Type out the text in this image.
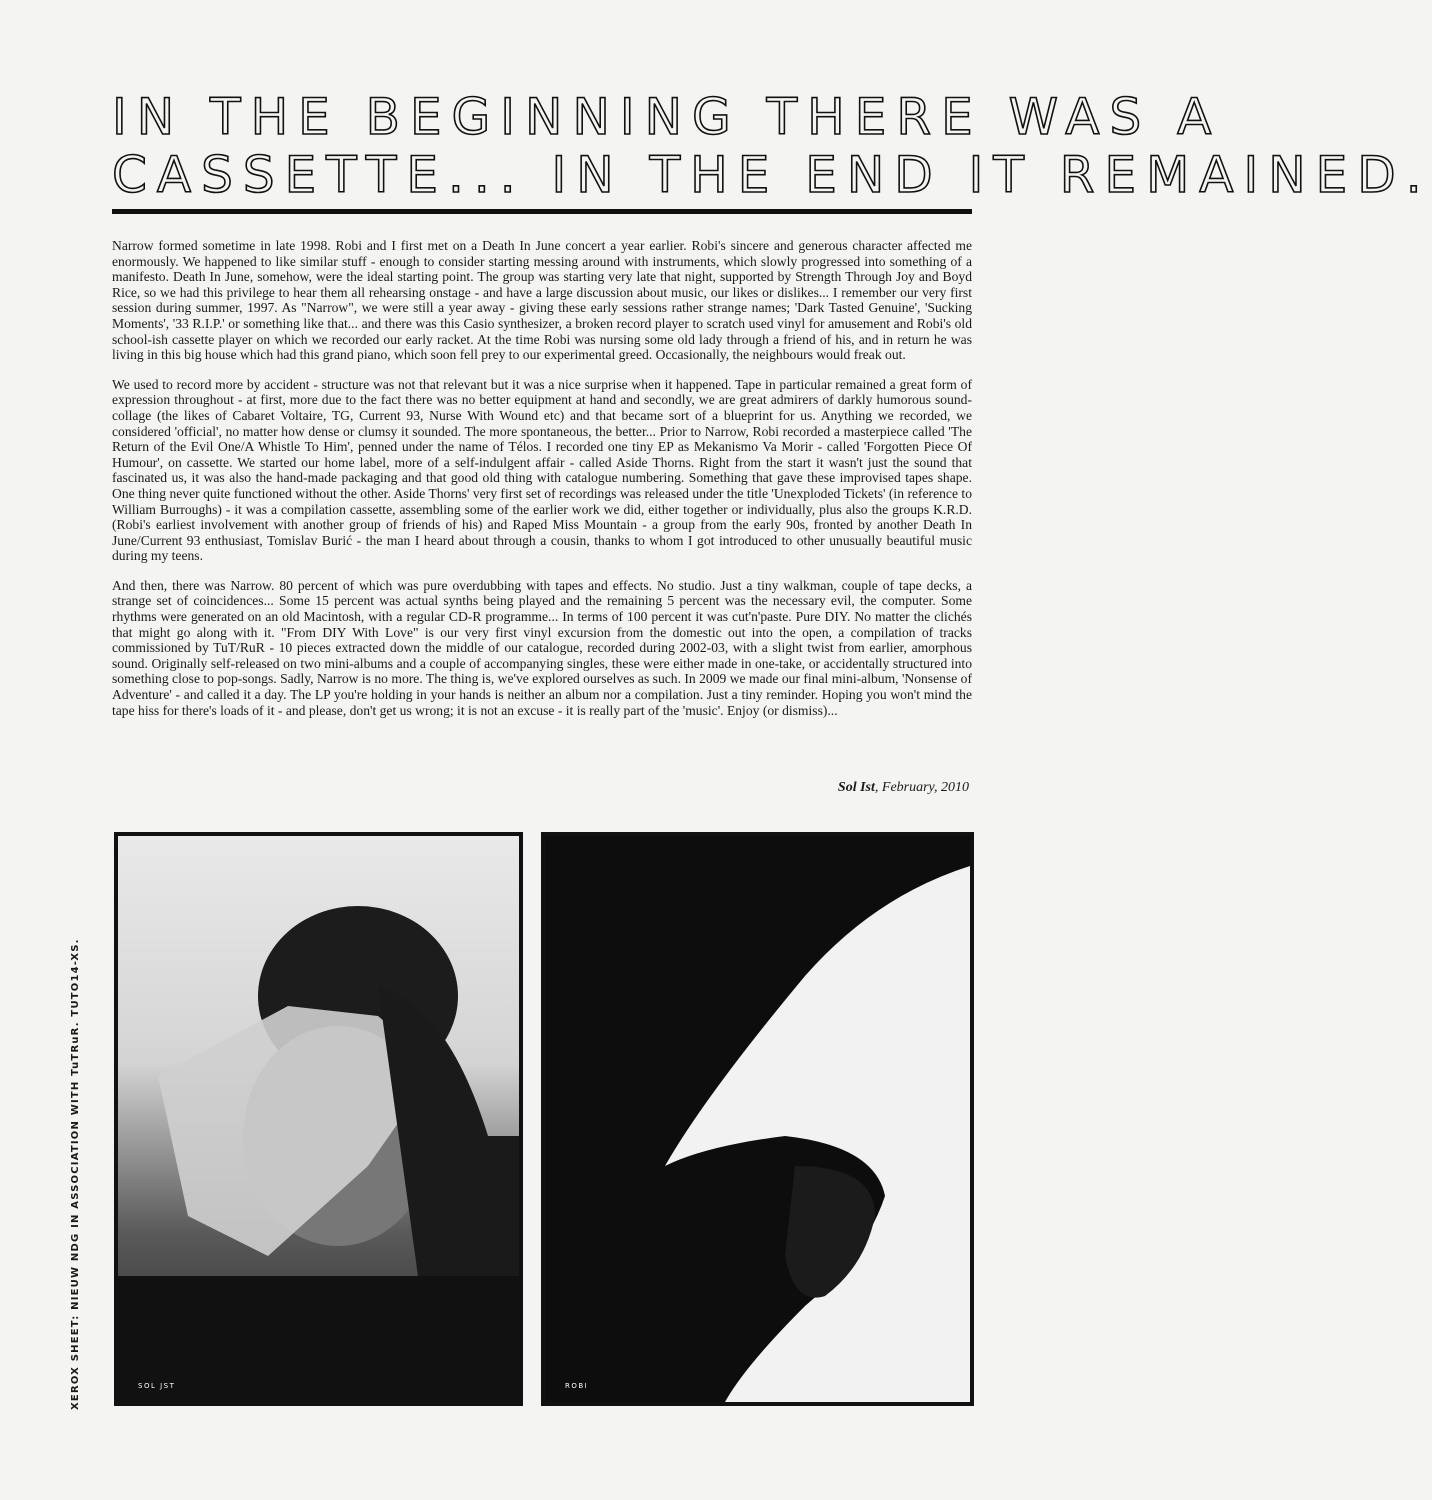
IN THE BEGINNING THERE WAS A
CASSETTE... IN THE END IT REMAINED.

Narrow formed sometime in late 1998. Robi and I first met on a Death In June concert a year earlier. Robi's sincere and generous character affected me enormously. We happened to like similar stuff - enough to consider starting messing around with instruments, which slowly progressed into something of a manifesto. Death In June, somehow, were the ideal starting point. The group was starting very late that night, supported by Strength Through Joy and Boyd Rice, so we had this privilege to hear them all rehearsing onstage - and have a large discussion about music, our likes or dislikes... I remember our very first session during summer, 1997. As "Narrow", we were still a year away - giving these early sessions rather strange names; 'Dark Tasted Genuine', 'Sucking Moments', '33 R.I.P.' or something like that... and there was this Casio synthesizer, a broken record player to scratch used vinyl for amusement and Robi's old school-ish cassette player on which we recorded our early racket. At the time Robi was nursing some old lady through a friend of his, and in return he was living in this big house which had this grand piano, which soon fell prey to our experimental greed. Occasionally, the neighbours would freak out.

We used to record more by accident - structure was not that relevant but it was a nice surprise when it happened. Tape in particular remained a great form of expression throughout - at first, more due to the fact there was no better equipment at hand and secondly, we are great admirers of darkly humorous sound-collage (the likes of Cabaret Voltaire, TG, Current 93, Nurse With Wound etc) and that became sort of a blueprint for us. Anything we recorded, we considered 'official', no matter how dense or clumsy it sounded. The more spontaneous, the better... Prior to Narrow, Robi recorded a masterpiece called 'The Return of the Evil One/A Whistle To Him', penned under the name of Télos. I recorded one tiny EP as Mekanismo Va Morir - called 'Forgotten Piece Of Humour', on cassette. We started our home label, more of a self-indulgent affair - called Aside Thorns. Right from the start it wasn't just the sound that fascinated us, it was also the hand-made packaging and that good old thing with catalogue numbering. Something that gave these improvised tapes shape. One thing never quite functioned without the other. Aside Thorns' very first set of recordings was released under the title 'Unexploded Tickets' (in reference to William Burroughs) - it was a compilation cassette, assembling some of the earlier work we did, either together or individually, plus also the groups K.R.D. (Robi's earliest involvement with another group of friends of his) and Raped Miss Mountain - a group from the early 90s, fronted by another Death In June/Current 93 enthusiast, Tomislav Burić - the man I heard about through a cousin, thanks to whom I got introduced to other unusually beautiful music during my teens.

And then, there was Narrow. 80 percent of which was pure overdubbing with tapes and effects. No studio. Just a tiny walkman, couple of tape decks, a strange set of coincidences... Some 15 percent was actual synths being played and the remaining 5 percent was the necessary evil, the computer. Some rhythms were generated on an old Macintosh, with a regular CD-R programme... In terms of 100 percent it was cut'n'paste. Pure DIY. No matter the clichés that might go along with it. "From DIY With Love" is our very first vinyl excursion from the domestic out into the open, a compilation of tracks commissioned by TuT/RuR - 10 pieces extracted down the middle of our catalogue, recorded during 2002-03, with a slight twist from earlier, amorphous sound. Originally self-released on two mini-albums and a couple of accompanying singles, these were either made in one-take, or accidentally structured into something close to pop-songs. Sadly, Narrow is no more. The thing is, we've explored ourselves as such. In 2009 we made our final mini-album, 'Nonsense of Adventure' - and called it a day. The LP you're holding in your hands is neither an album nor a compilation. Just a tiny reminder. Hoping you won't mind the tape hiss for there's loads of it - and please, don't get us wrong; it is not an excuse - it is really part of the 'music'. Enjoy (or dismiss)...

Sol Ist, February, 2010
SOL JST	ROBI
XEROX SHEET: NIEUW NDG IN ASSOCIATION WITH TuTRuR. TUTO14-XS.
